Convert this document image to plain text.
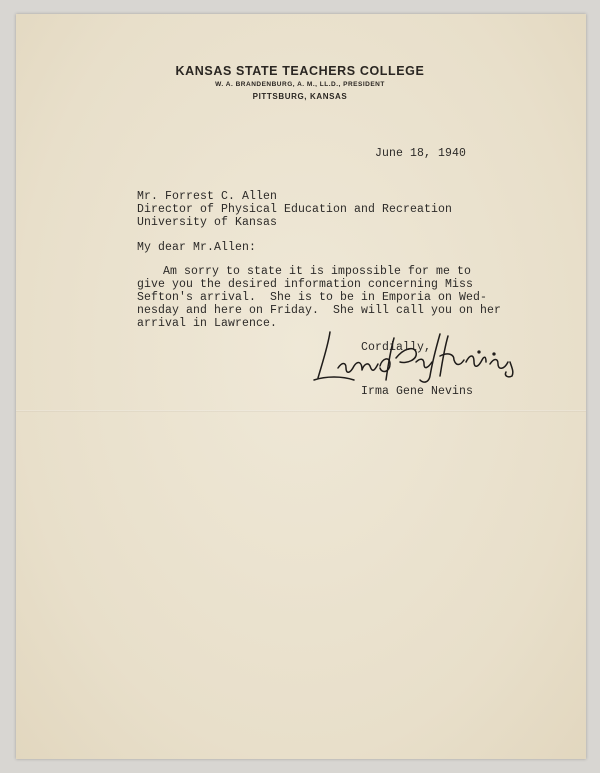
KANSAS STATE TEACHERS COLLEGE
W. A. BRANDENBURG, A. M., LL.D., PRESIDENT
PITTSBURG, KANSAS
June 18, 1940
Mr. Forrest C. Allen
Director of Physical Education and Recreation
University of Kansas
My dear Mr.Allen:
Am sorry to state it is impossible for me to
give you the desired information concerning Miss
Sefton's arrival.  She is to be in Emporia on Wed-
nesday and here on Friday.  She will call you on her
arrival in Lawrence.
Cordially,
Irma Gene Nevins
